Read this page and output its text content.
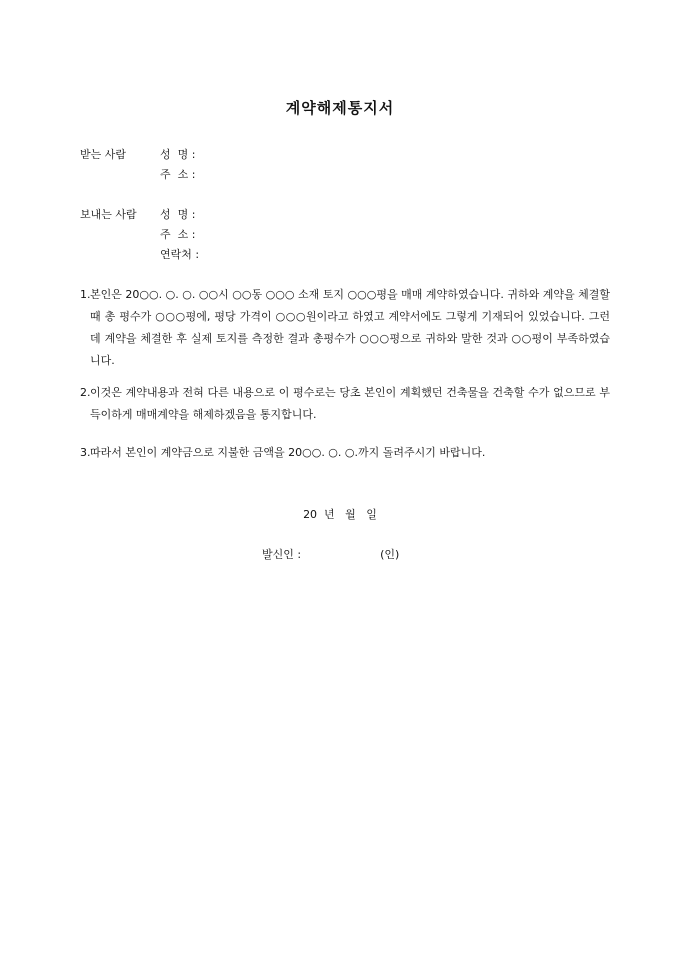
계약해제통지서
받는 사람	성  명 :
주  소 :
보내는 사람 성  명 :
주  소 :
연락처 :
1. 본인은 20○○. ○. ○. ○○시 ○○동 ○○○ 소재 토지 ○○○평을 매매 계약하였습니다. 귀하와 계약을 체결할 때 총 평수가 ○○○평에, 평당 가격이 ○○○원이라고 하였고 계약서에도 그렇게 기재되어 있었습니다. 그런데 계약을 체결한 후 실제 토지를 측정한 결과 총평수가 ○○○평으로 귀하와 말한 것과 ○○평이 부족하였습니다.
2. 이것은 계약내용과 전혀 다른 내용으로 이 평수로는 당초 본인이 계획했던 건축물을 건축할 수가 없으므로 부득이하게 매매계약을 해제하겠음을 통지합니다.
3. 따라서 본인이 계약금으로 지불한 금액을 20○○. ○. ○.까지 돌려주시기 바랍니다.
20  년   월   일
발신인 :	(인)
